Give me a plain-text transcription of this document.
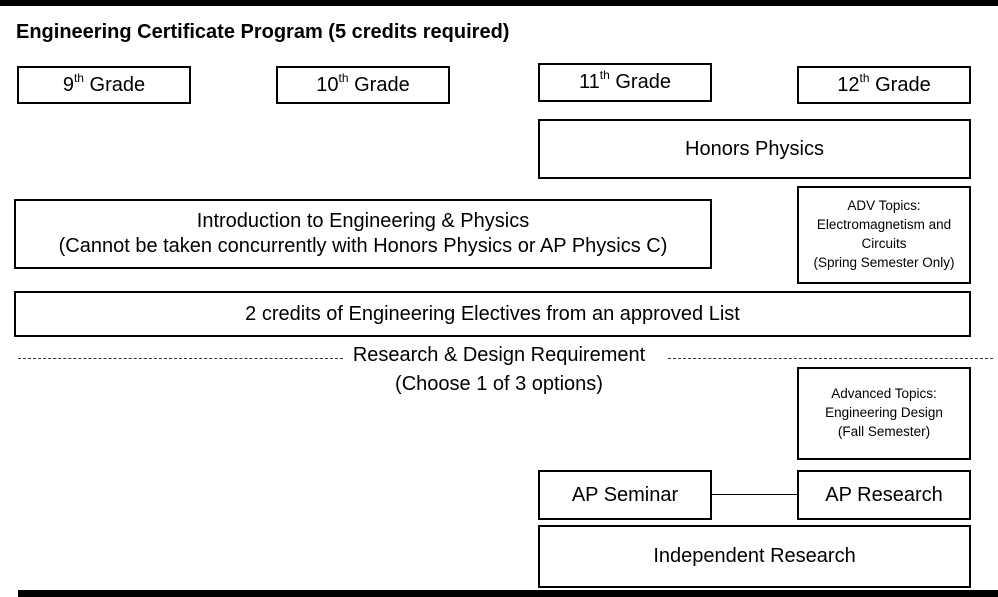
Engineering Certificate Program (5 credits required)
9th Grade	10th Grade	11th Grade	12th Grade
Honors Physics
Introduction to Engineering & Physics
(Cannot be taken concurrently with Honors Physics or AP Physics C)
ADV Topics:
Electromagnetism and
Circuits
(Spring Semester Only)
2 credits of Engineering Electives from an approved List
Research & Design Requirement
(Choose 1 of 3 options)	Advanced Topics:
Engineering Design
(Fall Semester)
AP Seminar	AP Research
Independent Research
